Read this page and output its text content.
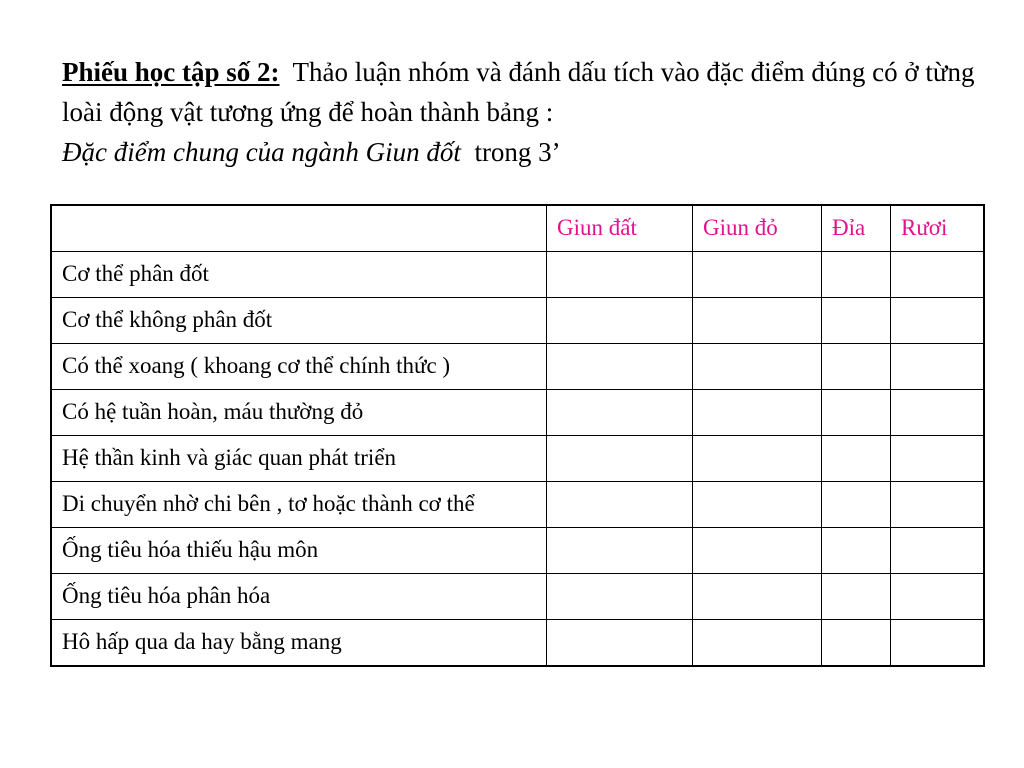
Phiếu học tập số 2: Thảo luận nhóm và đánh dấu tích vào đặc điểm đúng có ở từng loài động vật tương ứng để hoàn thành bảng :
Đặc điểm chung của ngành Giun đốt trong 3’
	Giun đất	Giun đỏ	Đỉa	Rươi
Cơ thể phân đốt				
Cơ thể không phân đốt				
Có thể xoang ( khoang cơ thể chính thức )				
Có hệ tuần hoàn, máu thường đỏ				
Hệ thần kinh và giác quan phát triển				
Di chuyển nhờ chi bên , tơ hoặc thành cơ thể				
Ống tiêu hóa thiếu hậu môn				
Ống tiêu hóa phân hóa				
Hô hấp qua da hay bằng mang				
